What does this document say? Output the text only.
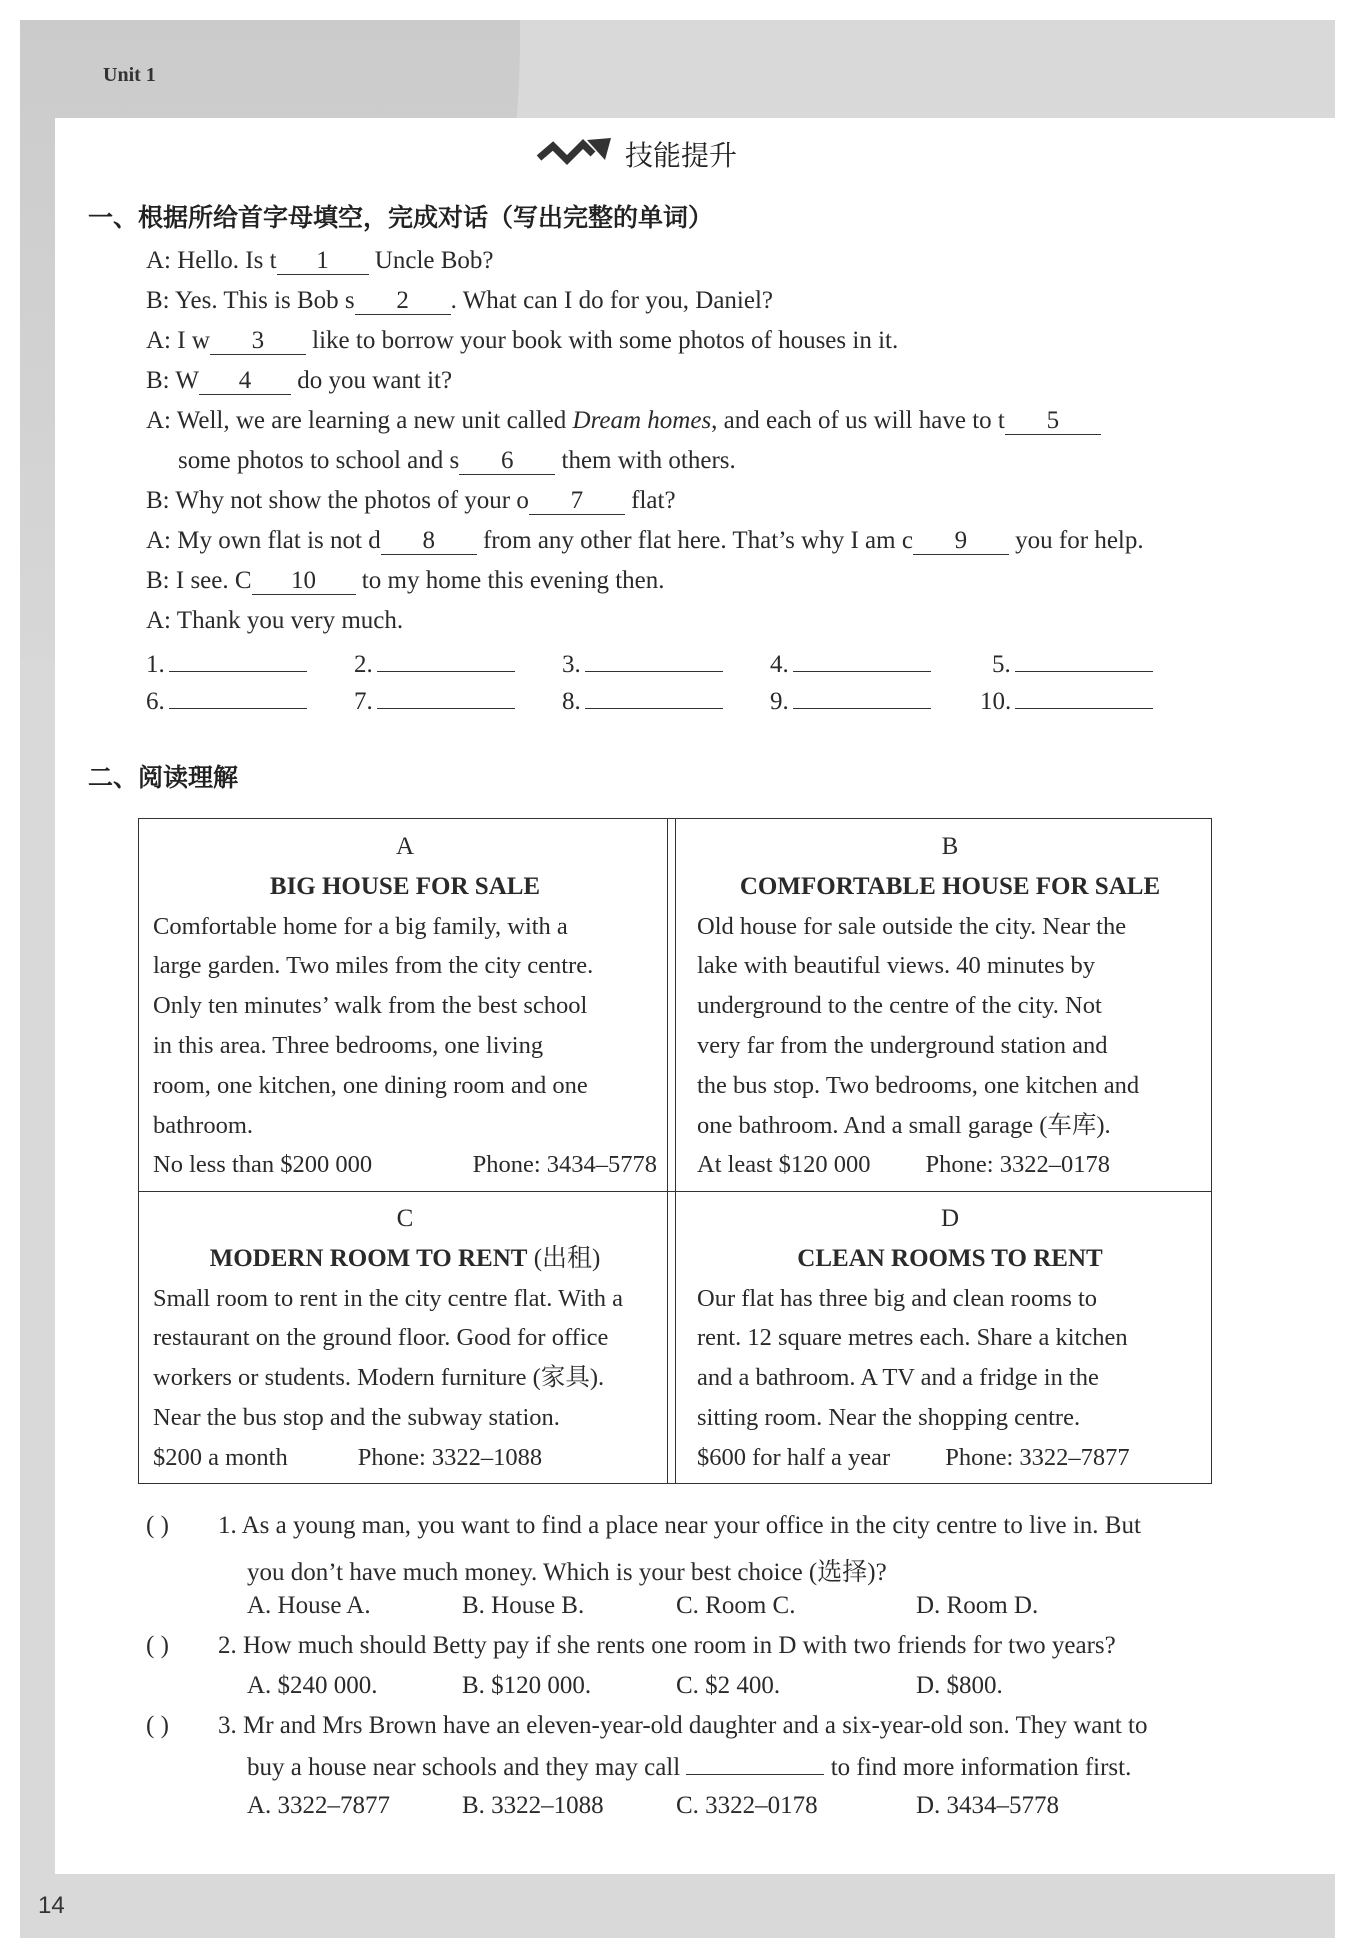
Unit 1
14
技能提升
一、根据所给首字母填空，完成对话（写出完整的单词）
A: Hello. Is t 1 Uncle Bob?
B: Yes. This is Bob s 2 . What can I do for you, Daniel?
A: I w 3 like to borrow your book with some photos of houses in it.
B: W 4 do you want it?
A: Well, we are learning a new unit called Dream homes, and each of us will have to t 5
some photos to school and s 6 them with others.
B: Why not show the photos of your o 7 flat?
A: My own flat is not d 8 from any other flat here. That’s why I am c 9 you for help.
B: I see. C 10 to my home this evening then.
A: Thank you very much.
1.	2.	3.	4.	5.
6.	7.	8.	9.	10.
二、阅读理解
A
BIG HOUSE FOR SALE
Comfortable home for a big family, with a
large garden. Two miles from the city centre.
Only ten minutes’ walk from the best school
in this area. Three bedrooms, one living
room, one kitchen, one dining room and one
bathroom.
No less than $200 000	Phone: 3434–5778
B
COMFORTABLE HOUSE FOR SALE
Old house for sale outside the city. Near the
lake with beautiful views. 40 minutes by
underground to the centre of the city. Not
very far from the underground station and
the bus stop. Two bedrooms, one kitchen and
one bathroom. And a small garage (车库).
At least $120 000 Phone: 3322–0178
C
MODERN ROOM TO RENT (出租)
Small room to rent in the city centre flat. With a
restaurant on the ground floor. Good for office
workers or students. Modern furniture (家具).
Near the bus stop and the subway station.
$200 a month	Phone: 3322–1088
D
CLEAN ROOMS TO RENT
Our flat has three big and clean rooms to
rent. 12 square metres each. Share a kitchen
and a bathroom. A TV and a fridge in the
sitting room. Near the shopping centre.
$600 for half a year Phone: 3322–7877
( ) 1. As a young man, you want to find a place near your office in the city centre to live in. But
you don’t have much money. Which is your best choice (选择)?
A. House A.	B. House B.	C. Room C.	D. Room D.
( ) 2. How much should Betty pay if she rents one room in D with two friends for two years?
A. $240 000.	B. $120 000.	C. $2 400.	D. $800.
( ) 3. Mr and Mrs Brown have an eleven-year-old daughter and a six-year-old son. They want to
buy a house near schools and they may call	to find more information first.
A. 3322–7877	B. 3322–1088	C. 3322–0178	D. 3434–5778
